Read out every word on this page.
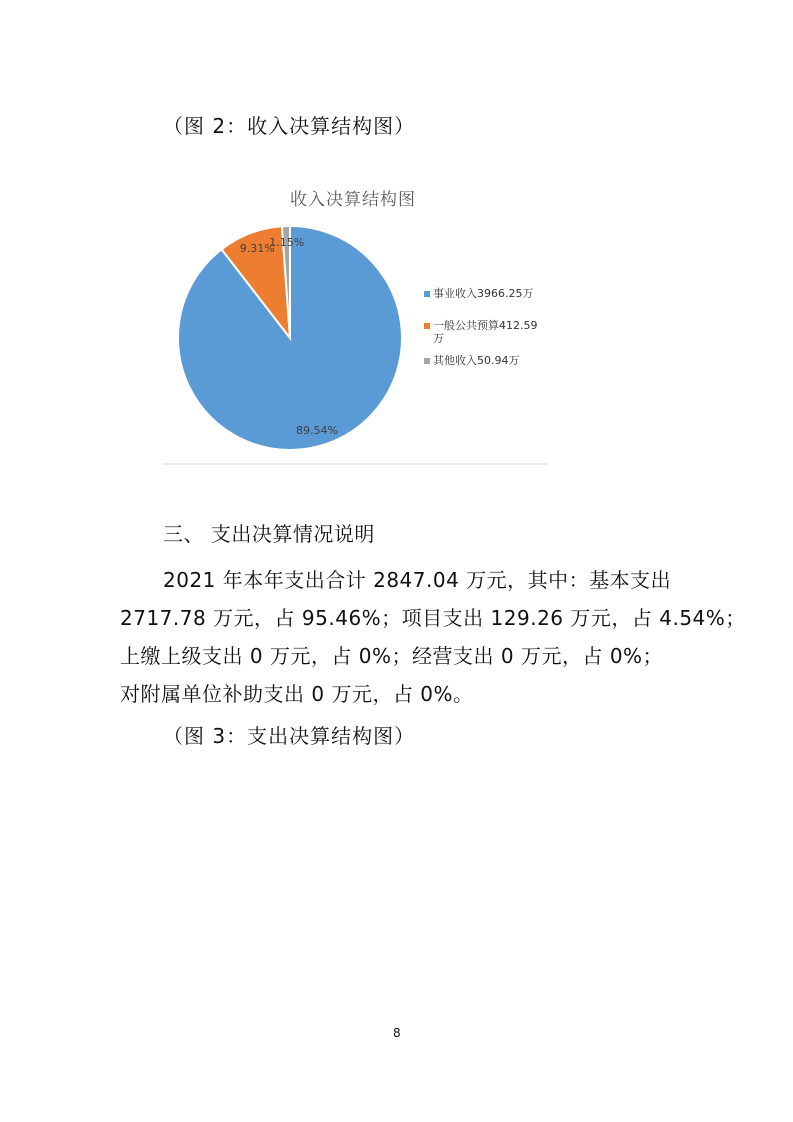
（图 2：收入决算结构图）
收入决算结构图
89.54%
9.31%
1.15%
事业收入3966.25万
一般公共预算412.59万
其他收入50.94万
三、 支出决算情况说明
2021 年本年支出合计 2847.04 万元，其中：基本支出
2717.78 万元，占 95.46%；项目支出 129.26 万元，占 4.54%；
上缴上级支出 0 万元，占 0%；经营支出 0 万元，占 0%；
对附属单位补助支出 0 万元，占 0%。
（图 3：支出决算结构图）
8
